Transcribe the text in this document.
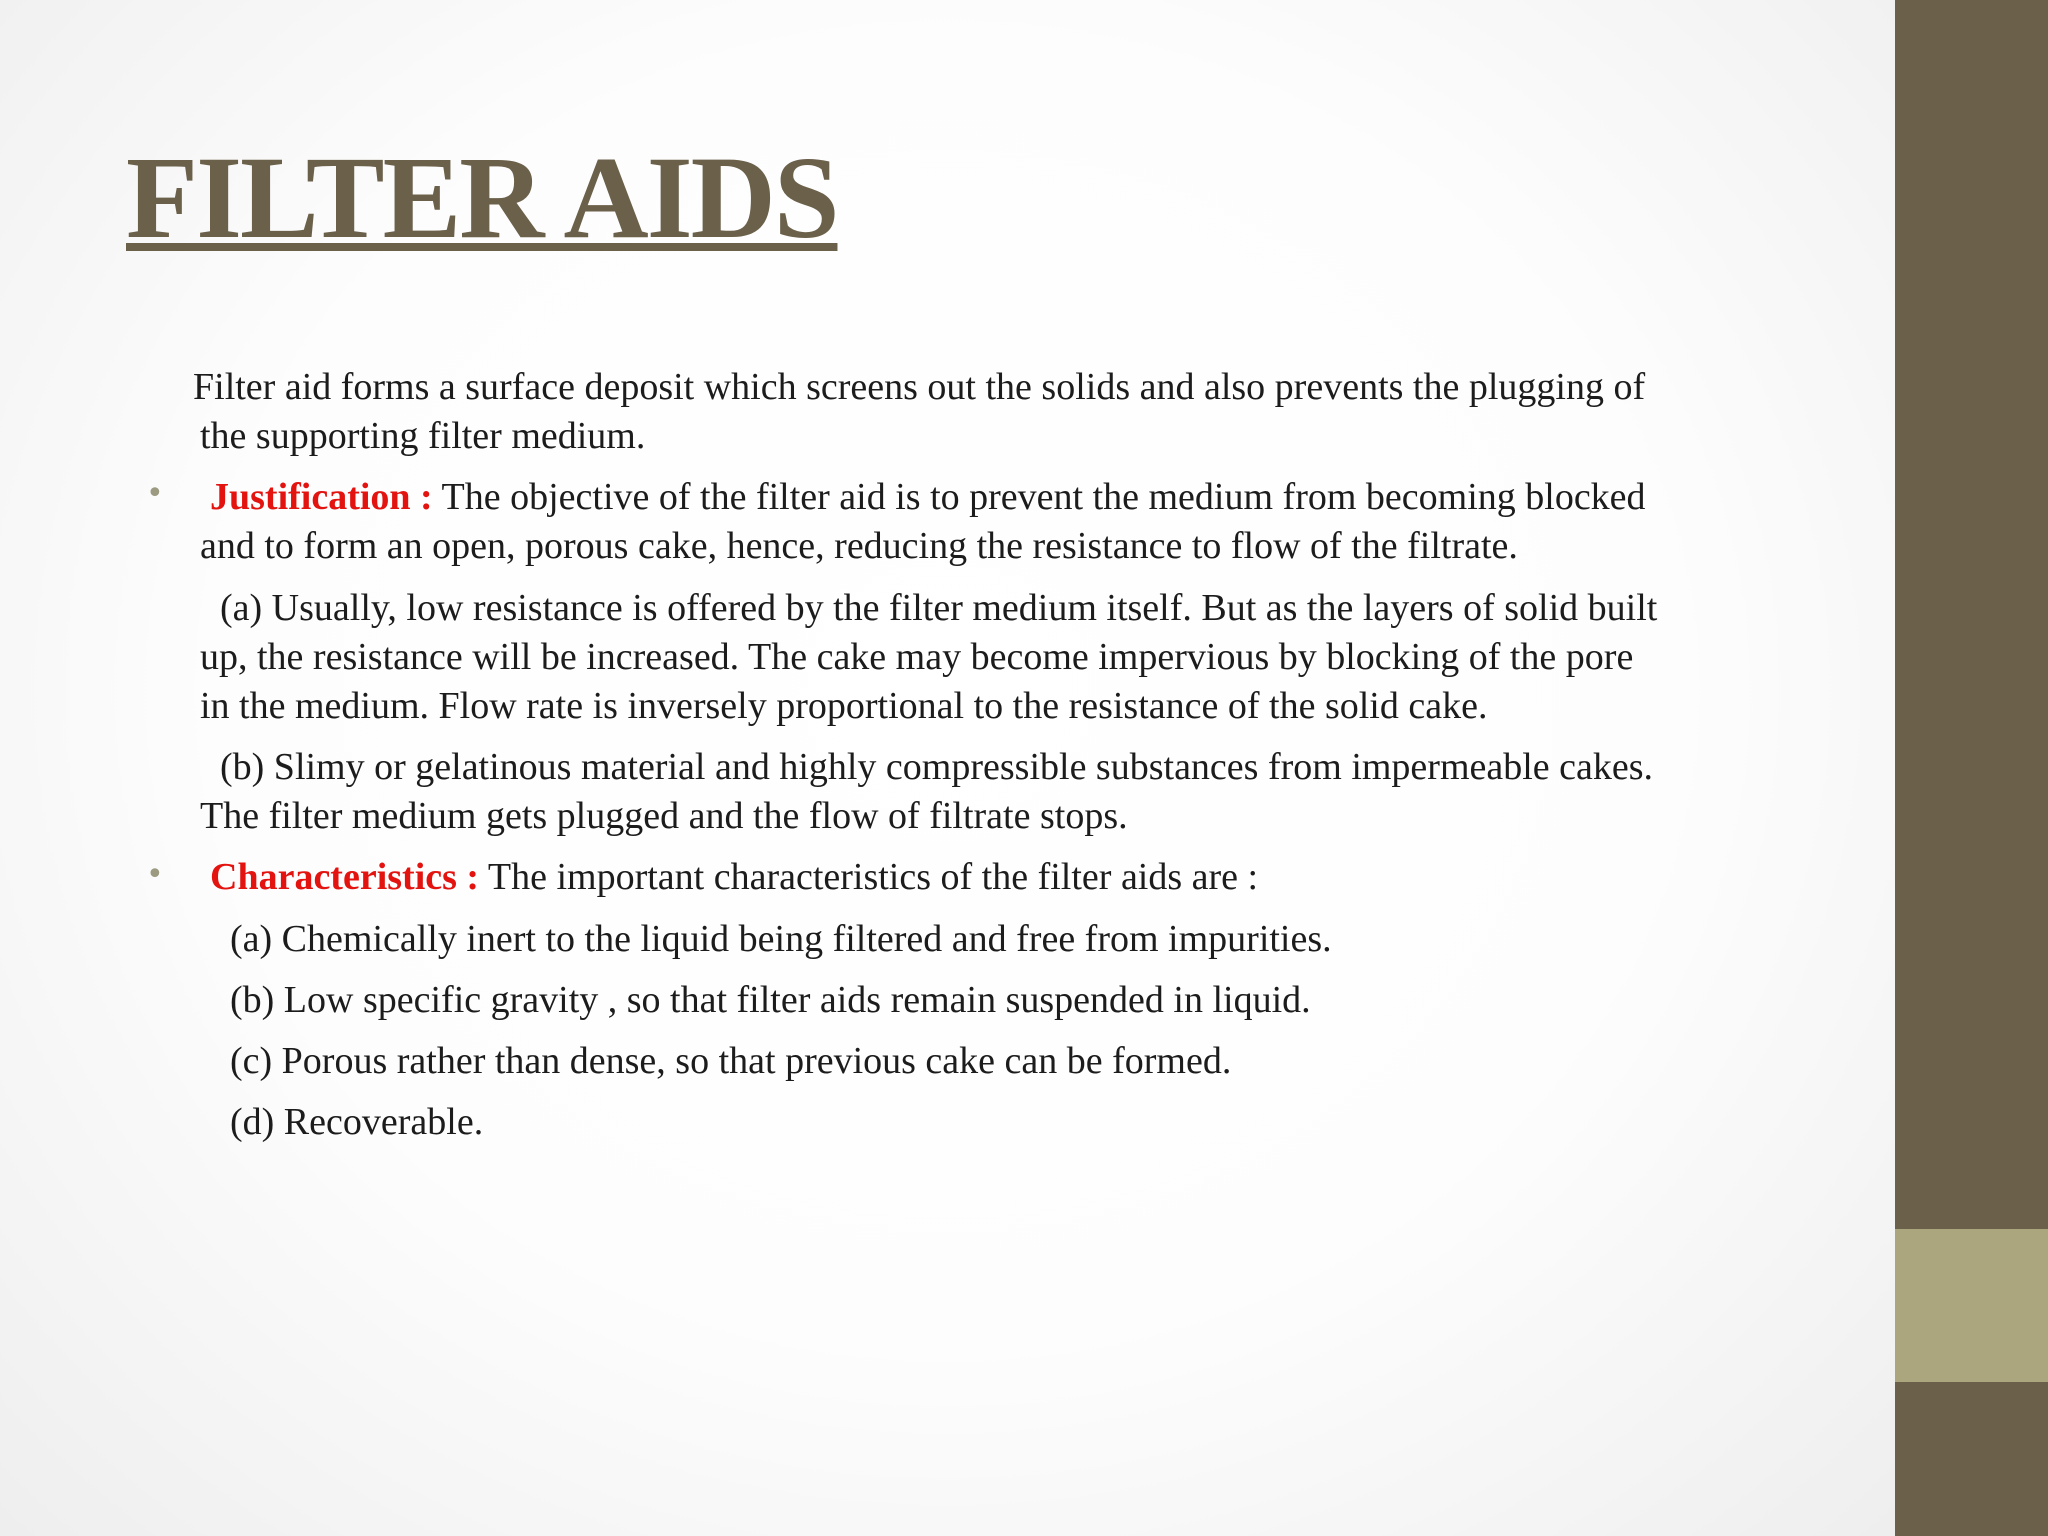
FILTER AIDS
Filter aid forms a surface deposit which screens out the solids and also prevents the plugging of
the supporting filter medium.
• Justification : The objective of the filter aid is to prevent the medium from becoming blocked
and to form an open, porous cake, hence, reducing the resistance to flow of the filtrate.
(a) Usually, low resistance is offered by the filter medium itself. But as the layers of solid built
up, the resistance will be increased. The cake may become impervious by blocking of the pore
in the medium. Flow rate is inversely proportional to the resistance of the solid cake.
(b) Slimy or gelatinous material and highly compressible substances from impermeable cakes.
The filter medium gets plugged and the flow of filtrate stops.
• Characteristics : The important characteristics of the filter aids are :
(a) Chemically inert to the liquid being filtered and free from impurities.
(b) Low specific gravity , so that filter aids remain suspended in liquid.
(c) Porous rather than dense, so that previous cake can be formed.
(d) Recoverable.
